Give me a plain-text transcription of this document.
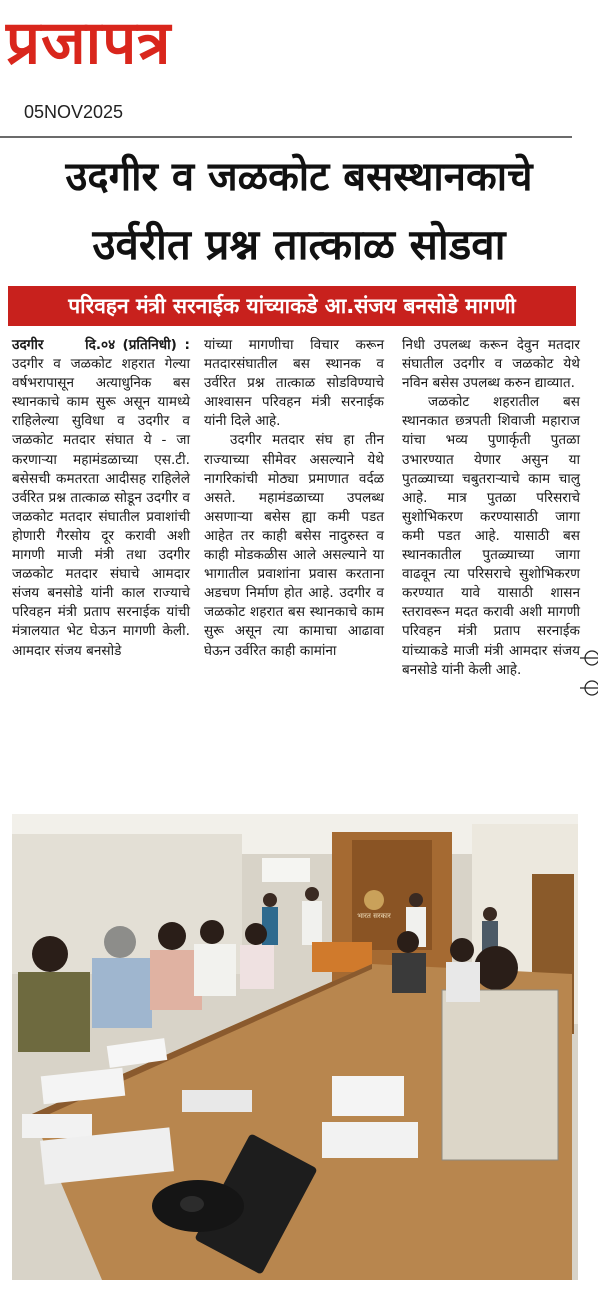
प्रजापत्र
05NOV2025
उदगीर व जळकोट बसस्थानकाचे
उर्वरीत प्रश्न तात्काळ सोडवा
परिवहन मंत्री सरनाईक यांच्याकडे आ.संजय बनसोडे मागणी

उदगीर   	दि.०४ (प्रतिनिधी) : उदगीर व जळकोट शहरात गेल्या वर्षभरापासून अत्याधुनिक बस स्थानकाचे काम सुरू असून यामध्ये राहिलेल्या सुविधा व उदगीर व जळकोट मतदार संघात ये - जा करणाऱ्या महामंडळाच्या एस.टी. बसेसची कमतरता आदीसह राहिलेले उर्वरित प्रश्न तात्काळ सोडून उदगीर व जळकोट मतदार संघातील प्रवाशांची होणारी गैरसोय दूर करावी अशी मागणी माजी मंत्री तथा उदगीर जळकोट मतदार संघाचे आमदार संजय बनसोडे यांनी काल राज्याचे परिवहन मंत्री प्रताप सरनाईक यांची मंत्रालयात भेट घेऊन मागणी केली. आमदार संजय बनसोडे

यांच्या मागणीचा विचार करून मतदारसंघातील बस स्थानक व उर्वरित प्रश्न तात्काळ सोडविण्याचे आश्वासन परिवहन मंत्री सरनाईक यांनी दिले आहे.

उदगीर मतदार संघ हा तीन राज्याच्या सीमेवर असल्याने येथे नागरिकांची मोठ्या प्रमाणात वर्दळ असते. महामंडळाच्या उपलब्ध असणाऱ्या बसेस ह्या कमी पडत आहेत तर काही बसेस नादुरुस्त व काही मोडकळीस आले असल्याने या भागातील प्रवाशांना प्रवास करताना अडचण निर्माण होत आहे. उदगीर व जळकोट शहरात बस स्थानकाचे काम सुरू असून त्या कामाचा आढावा घेऊन उर्वरित काही कामांना

निधी उपलब्ध करून देवुन मतदार संघातील उदगीर व जळकोट येथे नविन बसेस उपलब्ध करुन द्याव्यात.

जळकोट शहरातील बस स्थानकात छत्रपती शिवाजी महाराज यांचा भव्य पुणार्कृती पुतळा उभारण्यात येणार असुन या पुतळ्याच्या चबुतराऱ्याचे काम चालु आहे. मात्र पुतळा परिसराचे सुशोभिकरण करण्यासाठी जागा कमी पडत आहे. यासाठी बस स्थानकातील पुतळ्याच्या जागा वाढवून त्या परिसराचे सुशोभिकरण करण्यात यावे यासाठी शासन स्तरावरून मदत करावी अशी मागणी परिवहन मंत्री प्रताप सरनाईक यांच्याकडे माजी मंत्री आमदार संजय बनसोडे यांनी केली आहे.

भारत सरकार
